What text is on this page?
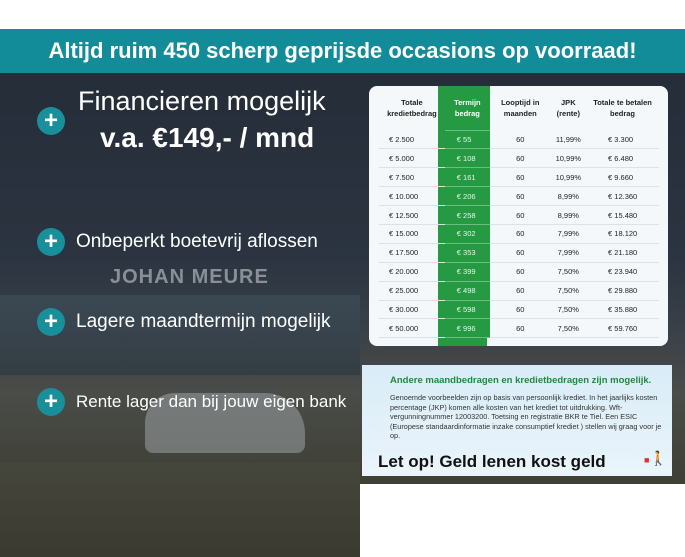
Altijd ruim 450 scherp geprijsde occasions op voorraad!
JOHAN MEURE
+
Financieren mogelijk
v.a. €149,- / mnd
+ Onbeperkt boetevrij aflossen
+ Lagere maandtermijn mogelijk
+	Rente lager dan bij jouw eigen bank
Totale kredietbedrag	Termijn bedrag	Looptijd in maanden	JPK (rente)	Totale te betalen bedrag
€ 2.500	€ 55	60	11,99%	€ 3.300
€ 5.000	€ 108	60	10,99%	€ 6.480
€ 7.500	€ 161	60	10,99%	€ 9.660
€ 10.000	€ 206	60	8,99%	€ 12.360
€ 12.500	€ 258	60	8,99%	€ 15.480
€ 15.000	€ 302	60	7,99%	€ 18.120
€ 17.500	€ 353	60	7,99%	€ 21.180
€ 20.000	€ 399	60	7,50%	€ 23.940
€ 25.000	€ 498	60	7,50%	€ 29.880
€ 30.000	€ 598	60	7,50%	€ 35.880
€ 50.000	€ 996	60	7,50%	€ 59.760
Andere maandbedragen en kredietbedragen zijn mogelijk.

Genoemde voorbeelden zijn op basis van persoonlijk krediet. In het jaarlijks kosten percentage (JKP) komen alle kosten van het krediet tot uitdrukking. Wft-vergunningnummer 12003200. Toetsing en registratie BKR te Tiel. Een ESIC (Europese standaardinformatie inzake consumptief krediet ) stellen wij graag voor je op.

Let op! Geld lenen kost geld	■🚶
